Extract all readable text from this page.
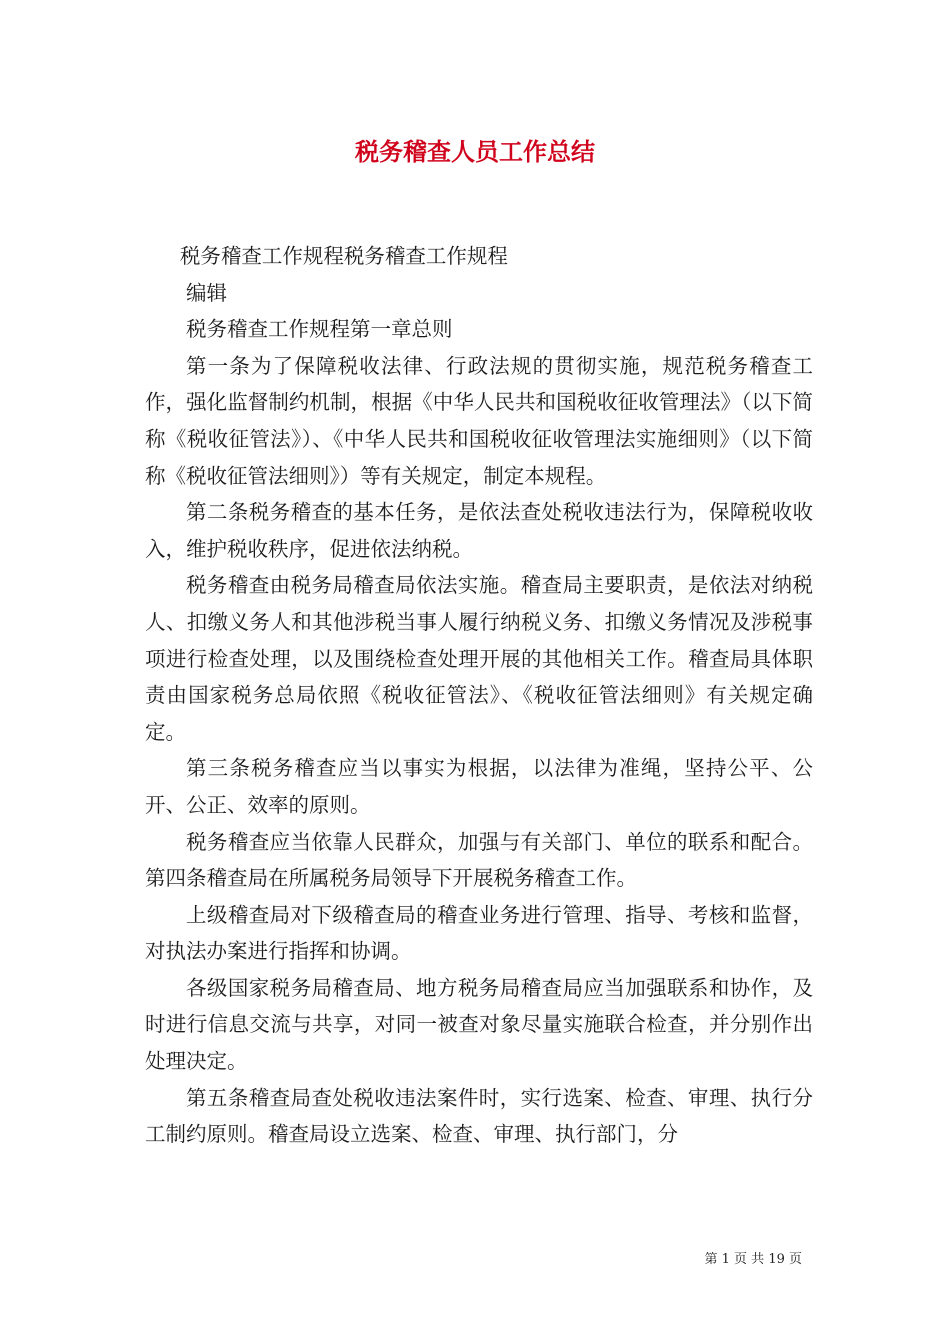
税务稽查人员工作总结

税务稽查工作规程税务稽查工作规程

编辑

税务稽查工作规程第一章总则

第一条为了保障税收法律、行政法规的贯彻实施，规范税务稽查工作，强化监督制约机制，根据《中华人民共和国税收征收管理法》（以下简称《税收征管法》）、《中华人民共和国税收征收管理法实施细则》（以下简称《税收征管法细则》）等有关规定，制定本规程。

第二条税务稽查的基本任务，是依法查处税收违法行为，保障税收收入，维护税收秩序，促进依法纳税。

税务稽查由税务局稽查局依法实施。稽查局主要职责，是依法对纳税人、扣缴义务人和其他涉税当事人履行纳税义务、扣缴义务情况及涉税事项进行检查处理，以及围绕检查处理开展的其他相关工作。稽查局具体职责由国家税务总局依照《税收征管法》、《税收征管法细则》有关规定确定。

第三条税务稽查应当以事实为根据，以法律为准绳，坚持公平、公开、公正、效率的原则。

税务稽查应当依靠人民群众，加强与有关部门、单位的联系和配合。第四条稽查局在所属税务局领导下开展税务稽查工作。

上级稽查局对下级稽查局的稽查业务进行管理、指导、考核和监督，对执法办案进行指挥和协调。

各级国家税务局稽查局、地方税务局稽查局应当加强联系和协作，及时进行信息交流与共享，对同一被查对象尽量实施联合检查，并分别作出处理决定。

第五条稽查局查处税收违法案件时，实行选案、检查、审理、执行分工制约原则。稽查局设立选案、检查、审理、执行部门，分

第 1 页 共 19 页
